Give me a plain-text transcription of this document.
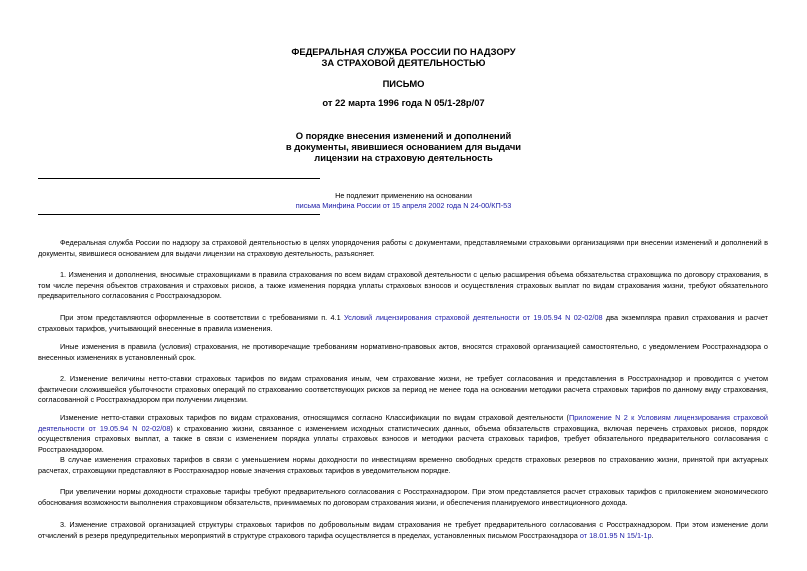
ФЕДЕРАЛЬНАЯ СЛУЖБА РОССИИ ПО НАДЗОРУ
ЗА СТРАХОВОЙ ДЕЯТЕЛЬНОСТЬЮ

ПИСЬМО

от 22 марта 1996 года N 05/1-28р/07

О порядке внесения изменений и дополнений
в документы, явившиеся основанием для выдачи
лицензии на страховую деятельность

Не подлежит применению на основании
письма Минфина России от 15 апреля 2002 года N 24-00/КП-53

Федеральная служба России по надзору за страховой деятельностью в целях упорядочения работы с документами, представляемыми страховыми организациями при внесении изменений и дополнений в документы, явившиеся основанием для выдачи лицензии на страховую деятельность, разъясняет.

1. Изменения и дополнения, вносимые страховщиками в правила страхования по всем видам страховой деятельности с целью расширения объема обязательства страховщика по договору страхования, в том числе перечня объектов страхования и страховых рисков, а также изменения порядка уплаты страховых взносов и осуществления страховых выплат по видам страхования жизни, требуют обязательного предварительного согласования с Росстрахнадзором.

При этом представляются оформленные в соответствии с требованиями п. 4.1 Условий лицензирования страховой деятельности от 19.05.94 N 02-02/08 два экземпляра правил страхования и расчет страховых тарифов, учитывающий внесенные в правила изменения.

Иные изменения в правила (условия) страхования, не противоречащие требованиям нормативно-правовых актов, вносятся страховой организацией самостоятельно, с уведомлением Росстрахнадзора о внесенных изменениях в установленный срок.

2. Изменение величины нетто-ставки страховых тарифов по видам страхования иным, чем страхование жизни, не требует согласования и представления в Росстрахнадзор и проводится с учетом фактически сложившейся убыточности страховых операций по страхованию соответствующих рисков за период не менее года на основании методики расчета страховых тарифов по данному виду страхования, согласованной с Росстрахнадзором при получении лицензии.

Изменение нетто-ставки страховых тарифов по видам страхования, относящимся согласно Классификации по видам страховой деятельности (Приложение N 2 к Условиям лицензирования страховой деятельности от 19.05.94 N 02-02/08) к страхованию жизни, связанное с изменением исходных статистических данных, объема обязательств страховщика, включая перечень страховых рисков, порядок осуществления страховых выплат, а также в связи с изменением порядка уплаты страховых взносов и методики расчета страховых тарифов, требует обязательного предварительного согласования с Росстрахнадзором.

В случае изменения страховых тарифов в связи с уменьшением нормы доходности по инвестициям временно свободных средств страховых резервов по страхованию жизни, принятой при актуарных расчетах, страховщики представляют в Росстрахнадзор новые значения страховых тарифов в уведомительном порядке.

При увеличении нормы доходности страховые тарифы требуют предварительного согласования с Росстрахнадзором. При этом представляется расчет страховых тарифов с приложением экономического обоснования возможности выполнения страховщиком обязательств, принимаемых по договорам страхования жизни, и обеспечения планируемого инвестиционного дохода.

3. Изменение страховой организацией структуры страховых тарифов по добровольным видам страхования не требует предварительного согласования с Росстрахнадзором. При этом изменение доли отчислений в резерв предупредительных мероприятий в структуре страхового тарифа осуществляется в пределах, установленных письмом Росстрахнадзора от 18.01.95 N 15/1-1р.
